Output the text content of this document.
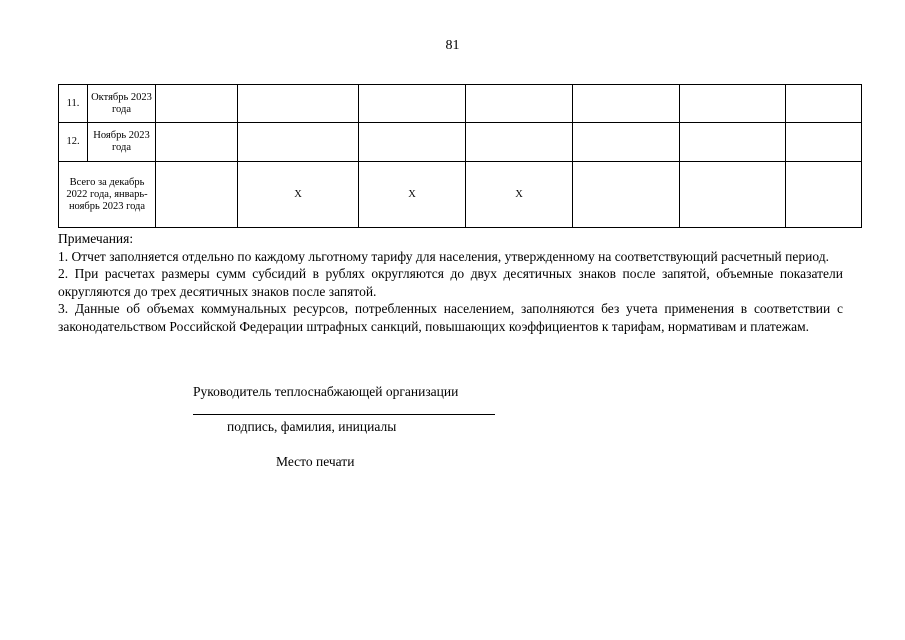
81
11.	Октябрь 2023 года							
12.	Ноябрь 2023 года							
Всего за декабрь 2022 года, январь-ноябрь 2023 года			X	X	X			

Примечания:

1. Отчет заполняется отдельно по каждому льготному тарифу для населения, утвержденному на соответствующий расчетный период.

2. При расчетах размеры сумм субсидий в рублях округляются до двух десятичных знаков после запятой, объемные показатели округляются до трех десятичных знаков после запятой.

3. Данные об объемах коммунальных ресурсов, потребленных населением, заполняются без учета применения в соответствии с законодательством Российской Федерации штрафных санкций, повышающих коэффициентов к тарифам, нормативам и платежам.

Руководитель теплоснабжающей организации
подпись, фамилия, инициалы
Место печати
